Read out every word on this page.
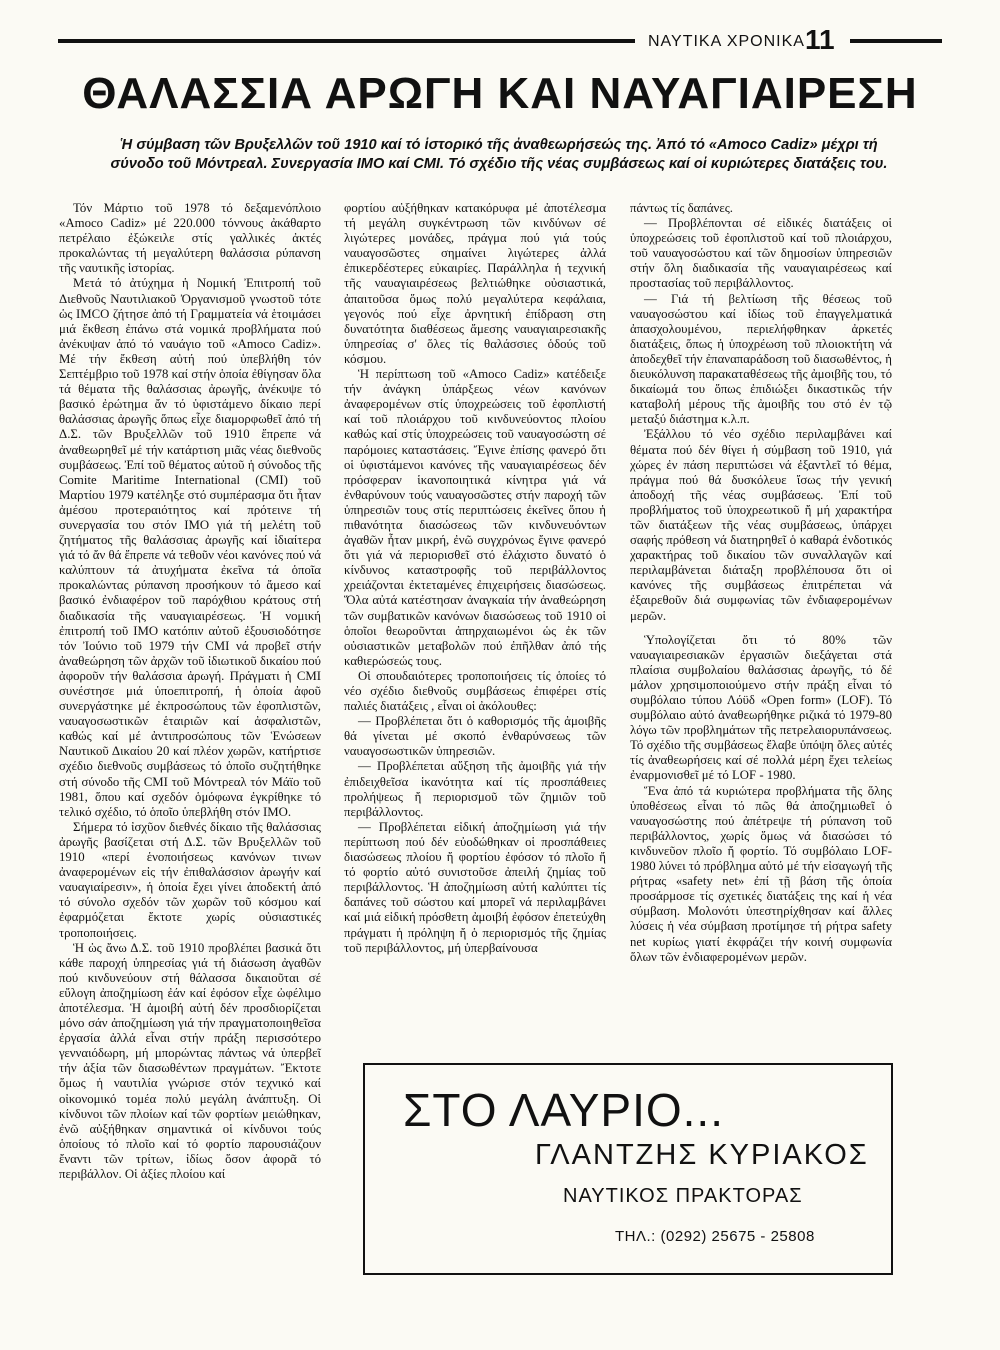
ΝΑΥΤΙΚΑ ΧΡΟΝΙΚΑ 11
ΘΑΛΑΣΣΙΑ ΑΡΩΓΗ ΚΑΙ ΝΑΥΑΓΙΑΙΡΕΣΗ
Ἡ σύμβαση τῶν Βρυξελλῶν τοῦ 1910 καί τό ἱστορικό τῆς ἀναθεωρήσεώς της. Ἀπό τό «Amoco Cadiz» μέχρι τή σύνοδο τοῦ Μόντρεαλ. Συνεργασία ΙΜΟ καί CMI. Τό σχέδιο τῆς νέας συμβάσεως καί οἱ κυριώτερες διατάξεις του.

Τόν Μάρτιο τοῦ 1978 τό δεξαμενόπλοιο «Amoco Cadiz» μέ 220.000 τόννους ἀκάθαρτο πετρέλαιο ἐξώκειλε στίς γαλλικές ἀκτές προκαλώντας τή μεγαλύτερη θαλάσσια ρύπανση τῆς ναυτικῆς ἱστορίας.

Μετά τό ἀτύχημα ἡ Νομική Ἐπιτροπή τοῦ Διεθνοῦς Ναυτιλιακοῦ Ὀργανισμοῦ γνωστοῦ τότε ὡς IMCO ζήτησε ἀπό τή Γραμματεία νά ἑτοιμάσει μιά ἔκθεση ἐπάνω στά νομικά προβλήματα πού ἀνέκυψαν ἀπό τό ναυάγιο τοῦ «Amoco Cadiz». Μέ τήν ἔκθεση αὐτή πού ὑπεβλήθη τόν Σεπτέμβριο τοῦ 1978 καί στήν ὁποία ἐθίγησαν ὅλα τά θέματα τῆς θαλάσσιας ἀρωγῆς, ἀνέκυψε τό βασικό ἐρώτημα ἄν τό ὑφιστάμενο δίκαιο περί θαλάσσιας ἀρωγῆς ὅπως εἶχε διαμορφωθεῖ ἀπό τή Δ.Σ. τῶν Βρυξελλῶν τοῦ 1910 ἔπρεπε νά ἀναθεωρηθεῖ μέ τήν κατάρτιση μιᾶς νέας διεθνοῦς συμβάσεως. Ἐπί τοῦ θέματος αὐτοῦ ἡ σύνοδος τῆς Comite Maritime International (CMI) τοῦ Μαρτίου 1979 κατέληξε στό συμπέρασμα ὅτι ἦταν ἀμέσου προτεραιότητος καί πρότεινε τή συνεργασία του στόν ΙΜΟ γιά τή μελέτη τοῦ ζητήματος τῆς θαλάσσιας ἀρωγῆς καί ἰδιαίτερα γιά τό ἄν θά ἔπρεπε νά τεθοῦν νέοι κανόνες πού νά καλύπτουν τά ἀτυχήματα ἐκεῖνα τά ὁποῖα προκαλώντας ρύπανση προσήκουν τό ἄμεσο καί βασικό ἐνδιαφέρον τοῦ παρόχθιου κράτους στή διαδικασία τῆς ναυαγιαιρέσεως. Ἡ νομική ἐπιτροπή τοῦ ΙΜΟ κατόπιν αὐτοῦ ἐξουσιοδότησε τόν Ἰούνιο τοῦ 1979 τήν CMI νά προβεῖ στήν ἀναθεώρηση τῶν ἀρχῶν τοῦ ἰδιωτικοῦ δικαίου πού ἀφοροῦν τήν θαλάσσια ἀρωγή. Πράγματι ἡ CMI συνέστησε μιά ὑποεπιτροπή, ἡ ὁποία ἀφοῦ συνεργάστηκε μέ ἐκπροσώπους τῶν ἐφοπλιστῶν, ναυαγοσωστικῶν ἑταιριῶν καί ἀσφαλιστῶν, καθώς καί μέ ἀντιπροσώπους τῶν Ἑνώσεων Ναυτικοῦ Δικαίου 20 καί πλέον χωρῶν, κατήρτισε σχέδιο διεθνοῦς συμβάσεως τό ὁποῖο συζητήθηκε στή σύνοδο τῆς CMI τοῦ Μόντρεαλ τόν Μάϊο τοῦ 1981, ὅπου καί σχεδόν ὁμόφωνα ἐγκρίθηκε τό τελικό σχέδιο, τό ὁποῖο ὑπεβλήθη στόν ΙΜΟ.

Σήμερα τό ἰσχῦον διεθνές δίκαιο τῆς θαλάσσιας ἀρωγῆς βασίζεται στή Δ.Σ. τῶν Βρυξελλῶν τοῦ 1910 «περί ἑνοποιήσεως κανόνων τινων ἀναφερομένων εἰς τήν ἐπιθαλάσσιον ἀρωγήν καί ναυαγιαίρεσιν», ἡ ὁποία ἔχει γίνει ἀποδεκτή ἀπό τό σύνολο σχεδόν τῶν χωρῶν τοῦ κόσμου καί ἐφαρμόζεται ἔκτοτε χωρίς οὐσιαστικές τροποποιήσεις.

Ἡ ὡς ἄνω Δ.Σ. τοῦ 1910 προβλέπει βασικά ὅτι κάθε παροχή ὑπηρεσίας γιά τή διάσωση ἀγαθῶν πού κινδυνεύουν στή θάλασσα δικαιοῦται σέ εὔλογη ἀποζημίωση ἐάν καί ἐφόσον εἶχε ὠφέλιμο ἀποτέλεσμα. Ἡ ἀμοιβή αὐτή δέν προσδιορίζεται μόνο σάν ἀποζημίωση γιά τήν πραγματοποιηθεῖσα ἐργασία ἀλλά εἶναι στήν πράξη περισσότερο γενναιόδωρη, μή μπορώντας πάντως νά ὑπερβεῖ τήν ἀξία τῶν διασωθέντων πραγμάτων. Ἔκτοτε ὅμως ἡ ναυτιλία γνώρισε στόν τεχνικό καί οἰκονομικό τομέα πολύ μεγάλη ἀνάπτυξη. Οἱ κίνδυνοι τῶν πλοίων καί τῶν φορτίων μειώθηκαν, ἐνῶ αὐξήθηκαν σημαντικά οἱ κίνδυνοι τούς ὁποίους τό πλοῖο καί τό φορτίο παρουσιάζουν ἔναντι τῶν τρίτων, ἰδίως ὅσον ἀφορᾶ τό περιβάλλον. Οἱ ἀξίες πλοίου καί

φορτίου αὐξήθηκαν κατακόρυφα μέ ἀποτέλεσμα τή μεγάλη συγκέντρωση τῶν κινδύνων σέ λιγώτερες μονάδες, πράγμα πού γιά τούς ναυαγοσῶστες σημαίνει λιγώτερες ἀλλά ἐπικερδέστερες εὐκαιρίες. Παράλληλα ἡ τεχνική τῆς ναυαγιαιρέσεως βελτιώθηκε οὐσιαστικά, ἀπαιτοῦσα ὅμως πολύ μεγαλύτερα κεφάλαια, γεγονός πού εἶχε ἀρνητική ἐπίδραση στη δυνατότητα διαθέσεως ἄμεσης ναυαγιαιρεσιακῆς ὑπηρεσίας σ' ὅλες τίς θαλάσσιες ὁδούς τοῦ κόσμου.

Ἡ περίπτωση τοῦ «Amoco Cadiz» κατέδειξε τήν ἀνάγκη ὑπάρξεως νέων κανόνων ἀναφερομένων στίς ὑποχρεώσεις τοῦ ἐφοπλιστή καί τοῦ πλοιάρχου τοῦ κινδυνεύοντος πλοίου καθώς καί στίς ὑποχρεώσεις τοῦ ναυαγοσώστη σέ παρόμοιες καταστάσεις. Ἔγινε ἐπίσης φανερό ὅτι οἱ ὑφιστάμενοι κανόνες τῆς ναυαγιαιρέσεως δέν πρόσφεραν ἱκανοποιητικά κίνητρα γιά νά ἐνθαρύνουν τούς ναυαγοσῶστες στήν παροχή τῶν ὑπηρεσιῶν τους στίς περιπτώσεις ἐκεῖνες ὅπου ἡ πιθανότητα διασώσεως τῶν κινδυνευόντων ἀγαθῶν ἦταν μικρή, ἐνῶ συγχρόνως ἔγινε φανερό ὅτι γιά νά περιορισθεῖ στό ἐλάχιστο δυνατό ὁ κίνδυνος καταστροφῆς τοῦ περιβάλλοντος χρειάζονται ἐκτεταμένες ἐπιχειρήσεις διασώσεως. Ὅλα αὐτά κατέστησαν ἀναγκαία τήν ἀναθεώρηση τῶν συμβατικῶν κανόνων διασώσεως τοῦ 1910 οἱ ὁποῖοι θεωροῦνται ἀπηρχαιωμένοι ὡς ἐκ τῶν οὐσιαστικῶν μεταβολῶν πού ἐπῆλθαν ἀπό τής καθιερώσεώς τους.

Οἱ σπουδαιότερες τροποποιήσεις τίς ὁποίες τό νέο σχέδιο διεθνοῦς συμβάσεως ἐπιφέρει στίς παλιές διατάξεις , εἶναι οἱ ἀκόλουθες:

— Προβλέπεται ὅτι ὁ καθορισμός τῆς ἀμοιβῆς θά γίνεται μέ σκοπό ἐνθαρύνσεως τῶν ναυαγοσωστικῶν ὑπηρεσιῶν.

— Προβλέπεται αὔξηση τῆς ἀμοιβῆς γιά τήν ἐπιδειχθεῖσα ἱκανότητα καί τίς προσπάθειες προλήψεως ἤ περιορισμοῦ τῶν ζημιῶν τοῦ περιβάλλοντος.

— Προβλέπεται εἰδική ἀποζημίωση γιά τήν περίπτωση πού δέν εὐοδώθηκαν οἱ προσπάθειες διασώσεως πλοίου ἤ φορτίου ἐφόσον τό πλοῖο ἤ τό φορτίο αὐτό συνιστοῦσε ἀπειλή ζημίας τοῦ περιβάλλοντος. Ἡ ἀποζημίωση αὐτή καλύπτει τίς δαπάνες τοῦ σώστου καί μπορεῖ νά περιλαμβάνει καί μιά εἰδική πρόσθετη ἀμοιβή ἐφόσον ἐπετεύχθη πράγματι ἡ πρόληψη ἤ ὁ περιορισμός τῆς ζημίας τοῦ περιβάλλοντος, μή ὑπερβαίνουσα

πάντως τίς δαπάνες.

— Προβλέπονται σέ εἰδικές διατάξεις οἱ ὑποχρεώσεις τοῦ ἐφοπλιστοῦ καί τοῦ πλοιάρχου, τοῦ ναυαγοσώστου καί τῶν δημοσίων ὑπηρεσιῶν στήν ὅλη διαδικασία τῆς ναυαγιαιρέσεως καί προστασίας τοῦ περιβάλλοντος.

— Γιά τή βελτίωση τῆς θέσεως τοῦ ναυαγοσώστου καί ἰδίως τοῦ ἐπαγγελματικά ἀπασχολουμένου, περιελήφθηκαν ἀρκετές διατάξεις, ὅπως ἡ ὑποχρέωση τοῦ πλοιοκτήτη νά ἀποδεχθεῖ τήν ἐπαναπαράδοση τοῦ διασωθέντος, ἡ διευκόλυνση παρακαταθέσεως τῆς ἀμοιβῆς του, τό δικαίωμά του ὅπως ἐπιδιώξει δικαστικῶς τήν καταβολή μέρους τῆς ἀμοιβῆς του στό ἐν τῷ μεταξύ διάστημα κ.λ.π.

Ἐξάλλου τό νέο σχέδιο περιλαμβάνει καί θέματα πού δέν θίγει ἡ σύμβαση τοῦ 1910, γιά χώρες ἐν πάση περιπτώσει νά ἐξαντλεῖ τό θέμα, πράγμα πού θά δυσκόλευε ἴσως τήν γενική ἀποδοχή τῆς νέας συμβάσεως. Ἐπί τοῦ προβλήματος τοῦ ὑποχρεωτικοῦ ἤ μή χαρακτήρα τῶν διατάξεων τῆς νέας συμβάσεως, ὑπάρχει σαφής πρόθεση νά διατηρηθεῖ ὁ καθαρά ἐνδοτικός χαρακτήρας τοῦ δικαίου τῶν συναλλαγῶν καί περιλαμβάνεται διάταξη προβλέπουσα ὅτι οἱ κανόνες τῆς συμβάσεως ἐπιτρέπεται νά ἐξαιρεθοῦν διά συμφωνίας τῶν ἐνδιαφερομένων μερῶν.

Ὑπολογίζεται ὅτι τό 80% τῶν ναυαγιαιρεσιακῶν ἐργασιῶν διεξάγεται στά πλαίσια συμβολαίου θαλάσσιας ἀρωγῆς, τό δέ μάλον χρησιμοποιούμενο στήν πράξη εἶναι τό συμβόλαιο τύπου Λόϋδ «Open form» (LOF). Τό συμβόλαιο αὐτό ἀναθεωρήθηκε ριζικά τό 1979-80 λόγω τῶν προβλημάτων τῆς πετρελαιορυπάνσεως. Τό σχέδιο τῆς συμβάσεως ἔλαβε ὑπόψη ὅλες αὐτές τίς ἀναθεωρήσεις καί σέ πολλά μέρη ἔχει τελείως ἐναρμονισθεῖ μέ τό LOF - 1980.

Ἕνα ἀπό τά κυριώτερα προβλήματα τῆς ὅλης ὑποθέσεως εἶναι τό πῶς θά ἀποζημιωθεῖ ὁ ναυαγοσώστης πού ἀπέτρεψε τή ρύπανση τοῦ περιβάλλοντος, χωρίς ὅμως νά διασώσει τό κινδυνεῦον πλοῖο ἤ φορτίο. Τό συμβόλαιο LOF-1980 λύνει τό πρόβλημα αὐτό μέ τήν εἰσαγωγή τῆς ρήτρας «safety net» ἐπί τῇ βάση τῆς ὁποία προσάρμοσε τίς σχετικές διατάξεις της καί ἡ νέα σύμβαση. Μολονότι ὑπεστηρίχθησαν καί ἄλλες λύσεις ἡ νέα σύμβαση προτίμησε τή ρήτρα safety net κυρίως γιατί ἐκφράζει τήν κοινή συμφωνία ὅλων τῶν ἐνδιαφερομένων μερῶν.

ΣΤΟ ΛΑΥΡΙΟ...
ΓΛΑΝΤΖΗΣ ΚΥΡΙΑΚΟΣ
ΝΑΥΤΙΚΟΣ ΠΡΑΚΤΟΡΑΣ
ΤΗΛ.: (0292) 25675 - 25808
